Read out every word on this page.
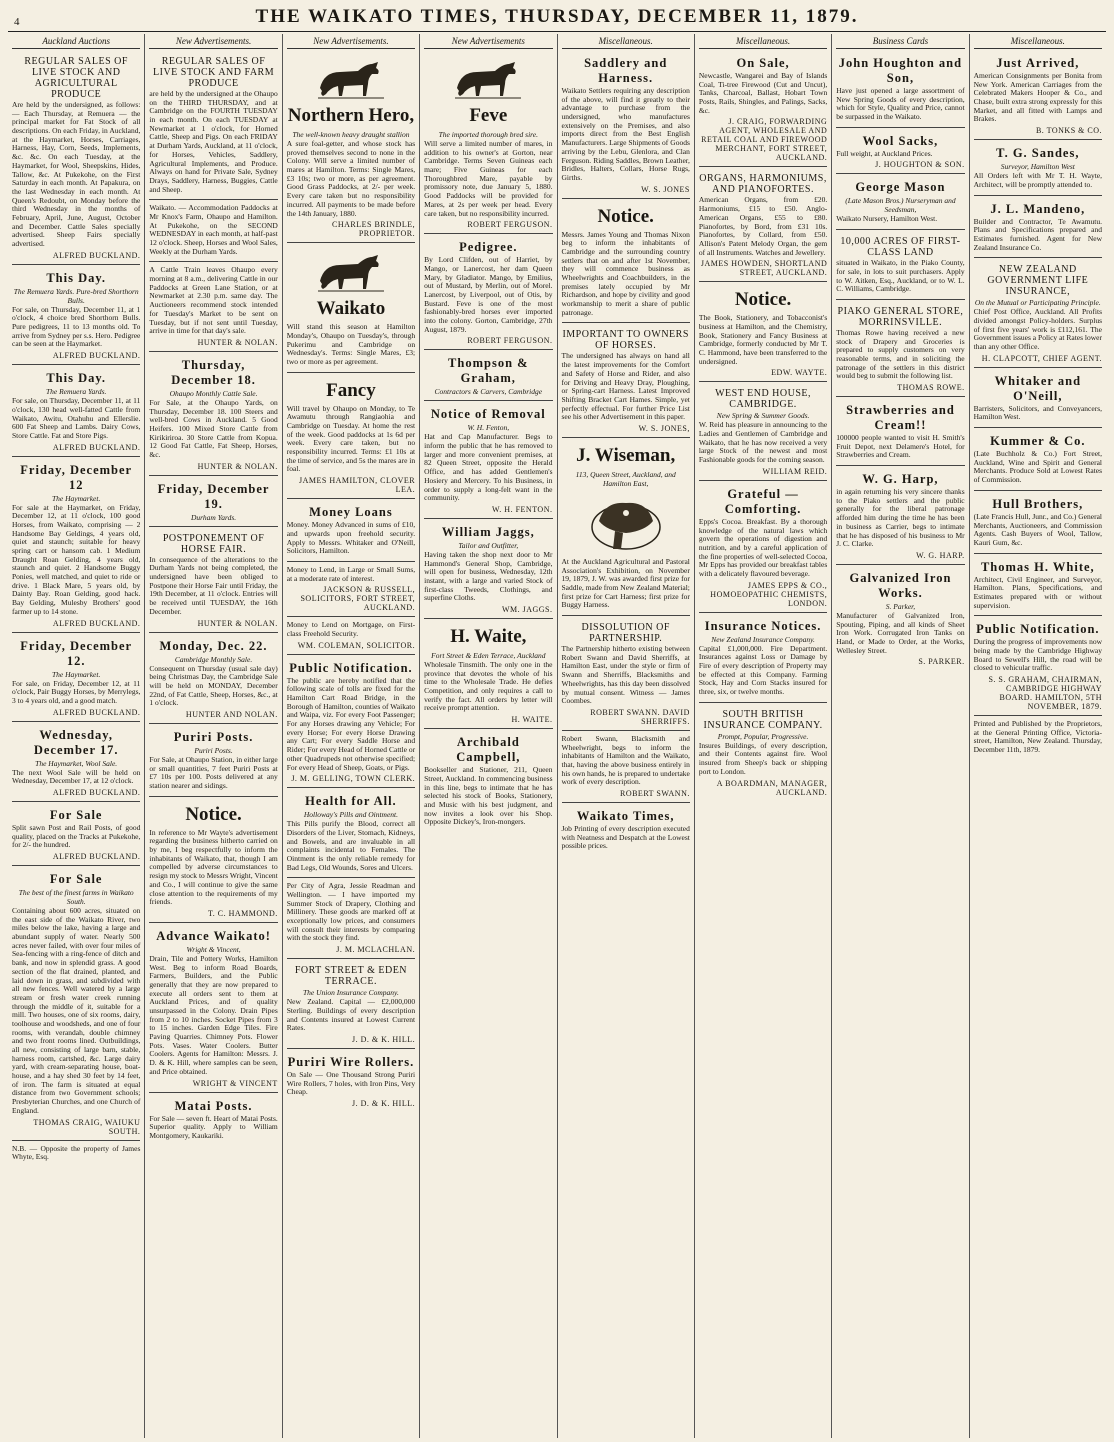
4	THE WAIKATO TIMES, THURSDAY, DECEMBER 11, 1879.
Auckland Auctions
REGULAR SALES OF LIVE STOCK AND AGRICULTURAL PRODUCE

Are held by the undersigned, as follows: — Each Thursday, at Remuera — the principal market for Fat Stock of all descriptions. On each Friday, in Auckland, at the Haymarket, Horses, Carriages, Harness, Hay, Corn, Seeds, Implements, &c. &c. On each Tuesday, at the Haymarket, for Wool, Sheepskins, Hides, Tallow, &c. At Pukekohe, on the First Saturday in each month. At Papakura, on the last Wednesday in each month. At Queen's Redoubt, on Monday before the third Wednesday in the months of February, April, June, August, October and December. Cattle Sales specially advertised. Sheep Fairs specially advertised.

ALFRED BUCKLAND.
This Day.
The Remuera Yards. Pure-bred Shorthorn Bulls.

For sale, on Thursday, December 11, at 1 o'clock, 4 choice bred Shorthorn Bulls. Pure pedigrees, 11 to 13 months old. To arrive from Sydney per s.s. Hero. Pedigree can be seen at the Haymarket.

ALFRED BUCKLAND.
This Day.
The Remuera Yards.

For sale, on Thursday, December 11, at 11 o'clock, 130 head well-fatted Cattle from Waikato, Awitu, Otahuhu and Ellerslie. 600 Fat Sheep and Lambs. Dairy Cows, Store Cattle. Fat and Store Pigs.

ALFRED BUCKLAND.
Friday, December 12
The Haymarket.

For sale at the Haymarket, on Friday, December 12, at 11 o'clock, 100 good Horses, from Waikato, comprising — 2 Handsome Bay Geldings, 4 years old, quiet and staunch; suitable for heavy spring cart or hansom cab. 1 Medium Draught Roan Gelding, 4 years old, staunch and quiet. 2 Handsome Buggy Ponies, well matched, and quiet to ride or drive. 1 Black Mare, 5 years old, by Dainty Bay. Roan Gelding, good hack. Bay Gelding, Mulesby Brothers' good farmer up to 14 stone.

ALFRED BUCKLAND.
Friday, December 12.
The Haymarket.

For sale, on Friday, December 12, at 11 o'clock, Pair Buggy Horses, by Merrylegs, 3 to 4 years old, and a good match.

ALFRED BUCKLAND.
Wednesday, December 17.
The Haymarket, Wool Sale.

The next Wool Sale will be held on Wednesday, December 17, at 12 o'clock.

ALFRED BUCKLAND.
For Sale

Split sawn Post and Rail Posts, of good quality, placed on the Tracks at Pukekohe, for 2/- the hundred.

ALFRED BUCKLAND.
For Sale
The best of the finest farms in Waikato South.

Containing about 600 acres, situated on the east side of the Waikato River, two miles below the lake, having a large and abundant supply of water. Nearly 500 acres never failed, with over four miles of Sea-fencing with a ring-fence of ditch and bank, and now in splendid grass. A good section of the flat drained, planted, and laid down in grass, and subdivided with all new fences. Well watered by a large stream or fresh water creek running through the middle of it, suitable for a mill. Two houses, one of six rooms, dairy, toolhouse and woodsheds, and one of four rooms, with verandah, double chimney and two front rooms lined. Outbuildings, all new, consisting of large barn, stable, harness room, cartshed, &c. Large dairy yard, with cream-separating house, boat-house, and a hay shed 30 feet by 14 feet, of iron. The farm is situated at equal distance from two Government schools; Presbyterian Churches, and one Church of England.

THOMAS CRAIG, WAIUKU SOUTH.

N.B. — Opposite the property of James Whyte, Esq.

New Advertisements.
REGULAR SALES OF LIVE STOCK AND FARM PRODUCE

are held by the undersigned at the Ohaupo on the THIRD THURSDAY, and at Cambridge on the FOURTH TUESDAY in each month. On each TUESDAY at Newmarket at 1 o'clock, for Horned Cattle, Sheep and Pigs. On each FRIDAY at Durham Yards, Auckland, at 11 o'clock, for Horses, Vehicles, Saddlery, Agricultural Implements, and Produce. Always on hand for Private Sale, Sydney Drays, Saddlery, Harness, Buggies, Cattle and Sheep.

Waikato. — Accommodation Paddocks at Mr Knox's Farm, Ohaupo and Hamilton. At Pukekohe, on the SECOND WEDNESDAY in each month, at half-past 12 o'clock. Sheep, Horses and Wool Sales, Weekly at the Durham Yards.

A Cattle Train leaves Ohaupo every morning at 8 a.m., delivering Cattle in our Paddocks at Green Lane Station, or at Newmarket at 2.30 p.m. same day. The Auctioneers recommend stock intended for Tuesday's Market to be sent on Tuesday, but if not sent until Tuesday, arrive in time for that day's sale.

HUNTER & NOLAN.
Thursday, December 18.
Ohaupo Monthly Cattle Sale.

For Sale, at the Ohaupo Yards, on Thursday, December 18. 100 Steers and well-bred Cows in Auckland. 5 Good Heifers. 100 Mixed Store Cattle from Kirikiriroa. 30 Store Cattle from Kopua. 12 Good Fat Cattle, Fat Sheep, Horses, &c.

HUNTER & NOLAN.
Friday, December 19.
Durham Yards.
POSTPONEMENT OF HORSE FAIR.

In consequence of the alterations to the Durham Yards not being completed, the undersigned have been obliged to Postpone their Horse Fair until Friday, the 19th December, at 11 o'clock. Entries will be received until TUESDAY, the 16th December.

HUNTER & NOLAN.
Monday, Dec. 22.
Cambridge Monthly Sale.

Consequent on Thursday (usual sale day) being Christmas Day, the Cambridge Sale will be held on MONDAY, December 22nd, of Fat Cattle, Sheep, Horses, &c., at 1 o'clock.

HUNTER AND NOLAN.
Puriri Posts.
Puriri Posts.

For Sale, at Ohaupo Station, in either large or small quantities, 7 feet Puriri Posts at £7 10s per 100. Posts delivered at any station nearer and sidings.

Notice.

In reference to Mr Wayte's advertisement regarding the business hitherto carried on by me, I beg respectfully to inform the inhabitants of Waikato, that, though I am compelled by adverse circumstances to resign my stock to Messrs Wright, Vincent and Co., I will continue to give the same close attention to the requirements of my friends.

T. C. HAMMOND.
Advance Waikato!
Wright & Vincent,

Drain, Tile and Pottery Works, Hamilton West. Beg to inform Road Boards, Farmers, Builders, and the Public generally that they are now prepared to execute all orders sent to them at Auckland Prices, and of quality unsurpassed in the Colony. Drain Pipes from 2 to 10 inches. Socket Pipes from 3 to 15 inches. Garden Edge Tiles. Fire Paving Quarries. Chimney Pots. Flower Pots. Vases. Water Coolers. Butter Coolers. Agents for Hamilton: Messrs. J. D. & K. Hill, where samples can be seen, and Price obtained.

WRIGHT & VINCENT
Matai Posts.

For Sale — seven ft. Heart of Matai Posts. Superior quality. Apply to William Montgomery, Kaukariki.

New Advertisements.
Northern Hero,
The well-known heavy draught stallion

A sure foal-getter, and whose stock has proved themselves second to none in the Colony. Will serve a limited number of mares at Hamilton. Terms: Single Mares, £3 10s; two or more, as per agreement. Good Grass Paddocks, at 2/- per week. Every care taken but no responsibility incurred. All payments to be made before the 14th January, 1880.

CHARLES BRINDLE, PROPRIETOR.
Waikato

Will stand this season at Hamilton Monday's, Ohaupo on Tuesday's, through Pukerimu and Cambridge on Wednesday's. Terms: Single Mares, £3; two or more as per agreement.

Fancy

Will travel by Ohaupo on Monday, to Te Awamutu through Rangiaohia and Cambridge on Tuesday. At home the rest of the week. Good paddocks at 1s 6d per week. Every care taken, but no responsibility incurred. Terms: £1 10s at the time of service, and 5s the mares are in foal.

JAMES HAMILTON, CLOVER LEA.
Money Loans

Money. Money Advanced in sums of £10, and upwards upon freehold security. Apply to Messrs. Whitaker and O'Neill, Solicitors, Hamilton.

Money to Lend, in Large or Small Sums, at a moderate rate of interest.

JACKSON & RUSSELL, SOLICITORS, FORT STREET, AUCKLAND.

Money to Lend on Mortgage, on First-class Freehold Security.

WM. COLEMAN, SOLICITOR.
Public Notification.

The public are hereby notified that the following scale of tolls are fixed for the Hamilton Cart Road Bridge, in the Borough of Hamilton, counties of Waikato and Waipa, viz. For every Foot Passenger; For any Horses drawing any Vehicle; For every Horse; For every Horse Drawing any Cart; For every Saddle Horse and Rider; For every Head of Horned Cattle or other Quadrupeds not otherwise specified; For every Head of Sheep, Goats, or Pigs.

J. M. GELLING, TOWN CLERK.
Health for All.
Holloway's Pills and Ointment.

This Pills purify the Blood, correct all Disorders of the Liver, Stomach, Kidneys, and Bowels, and are invaluable in all complaints incidental to Females. The Ointment is the only reliable remedy for Bad Legs, Old Wounds, Sores and Ulcers.

Per City of Agra, Jessie Readman and Wellington. — I have imported my Summer Stock of Drapery, Clothing and Millinery. These goods are marked off at exceptionally low prices, and consumers will consult their interests by comparing with the stock they find.

J. M. MCLACHLAN.
FORT STREET & EDEN TERRACE.
The Union Insurance Company.

New Zealand. Capital — £2,000,000 Sterling. Buildings of every description and Contents insured at Lowest Current Rates.

J. D. & K. HILL.
Puriri Wire Rollers.

On Sale — One Thousand Strong Puriri Wire Rollers, 7 holes, with Iron Pins, Very Cheap.

J. D. & K. HILL.
New Advertisements
Feve
The imported thorough bred sire.

Will serve a limited number of mares, in addition to his owner's at Gorton, near Cambridge. Terms Seven Guineas each mare; Five Guineas for each Thoroughbred Mare, payable by promissory note, due January 5, 1880. Good Paddocks will be provided for Mares, at 2s per week per head. Every care taken, but no responsibility incurred.

ROBERT FERGUSON.
Pedigree.

By Lord Clifden, out of Harriet, by Mango, or Lanercost, her dam Queen Mary, by Gladiator. Mango, by Emilius, out of Mustard, by Merlin, out of Morel. Lanercost, by Liverpool, out of Otis, by Bustard. Feve is one of the most fashionably-bred horses ever imported into the colony. Gorton, Cambridge, 27th August, 1879.

ROBERT FERGUSON.
Thompson & Graham,
Contractors & Carvers, Cambridge
Notice of Removal
W. H. Fenton,

Hat and Cap Manufacturer. Begs to inform the public that he has removed to larger and more convenient premises, at 82 Queen Street, opposite the Herald Office, and has added Gentlemen's Hosiery and Mercery. To his Business, in order to supply a long-felt want in the community.

W. H. FENTON.
William Jaggs,
Tailor and Outfitter,

Having taken the shop next door to Mr Hammond's General Shop, Cambridge, will open for business, Wednesday, 12th instant, with a large and varied Stock of first-class Tweeds, Clothings, and superfine Cloths.

WM. JAGGS.
H. Waite,
Fort Street & Eden Terrace, Auckland

Wholesale Tinsmith. The only one in the province that devotes the whole of his time to the Wholesale Trade. He defies Competition, and only requires a call to verify the fact. All orders by letter will receive prompt attention.

H. WAITE.
Archibald Campbell,

Bookseller and Stationer, 211, Queen Street, Auckland. In commencing business in this line, begs to intimate that he has selected his stock of Books, Stationery, and Music with his best judgment, and now invites a look over his Shop. Opposite Dickey's, Iron-mongers.

Miscellaneous.
Saddlery and Harness.

Waikato Settlers requiring any description of the above, will find it greatly to their advantage to purchase from the undersigned, who manufactures extensively on the Premises, and also imports direct from the Best English Manufacturers. Large Shipments of Goods arriving by the Lebu, Glenlora, and Clan Ferguson. Riding Saddles, Brown Leather, Bridles, Halters, Collars, Horse Rugs, Girths.

W. S. JONES
Notice.

Messrs. James Young and Thomas Nixon beg to inform the inhabitants of Cambridge and the surrounding country settlers that on and after 1st November, they will commence business as Wheelwrights and Coachbuilders, in the premises lately occupied by Mr Richardson, and hope by civility and good workmanship to merit a share of public patronage.

IMPORTANT TO OWNERS OF HORSES.

The undersigned has always on hand all the latest improvements for the Comfort and Safety of Horse and Rider, and also for Driving and Heavy Dray, Ploughing, or Spring-cart Harness. Latest Improved Shifting Bracket Cart Hames. Simple, yet perfectly effectual. For further Price List see his other Advertisement in this paper.

W. S. JONES,
J. Wiseman,
113, Queen Street, Auckland, and Hamilton East,

At the Auckland Agricultural and Pastoral Association's Exhibition, on November 19, 1879, J. W. was awarded first prize for Saddle, made from New Zealand Material; first prize for Cart Harness; first prize for Buggy Harness.

DISSOLUTION OF PARTNERSHIP.

The Partnership hitherto existing between Robert Swann and David Sherriffs, at Hamilton East, under the style or firm of Swann and Sherriffs, Blacksmiths and Wheelwrights, has this day been dissolved by mutual consent. Witness — James Coombes.

ROBERT SWANN. DAVID SHERRIFFS.

Robert Swann, Blacksmith and Wheelwright, begs to inform the inhabitants of Hamilton and the Waikato, that, having the above business entirely in his own hands, he is prepared to undertake work of every description.

ROBERT SWANN.
Waikato Times,

Job Printing of every description executed with Neatness and Despatch at the Lowest possible prices.

Miscellaneous.
On Sale,

Newcastle, Wangarei and Bay of Islands Coal, Ti-tree Firewood (Cut and Uncut), Tanks, Charcoal, Ballast, Hobart Town Posts, Rails, Shingles, and Palings, Sacks, &c.

J. CRAIG, FORWARDING AGENT, WHOLESALE AND RETAIL COAL AND FIREWOOD MERCHANT, FORT STREET, AUCKLAND.
ORGANS, HARMONIUMS, AND PIANOFORTES.

American Organs, from £20. Harmoniums, £15 to £50. Anglo-American Organs, £55 to £80. Pianofortes, by Bord, from £31 10s. Pianofortes, by Collard, from £50. Allison's Patent Melody Organ, the gem of all Instruments. Watches and Jewellery.

JAMES HOWDEN, SHORTLAND STREET, AUCKLAND.
Notice.

The Book, Stationery, and Tobacconist's business at Hamilton, and the Chemistry, Book, Stationery and Fancy Business at Cambridge, formerly conducted by Mr T. C. Hammond, have been transferred to the undersigned.

EDW. WAYTE.
WEST END HOUSE, CAMBRIDGE.
New Spring & Summer Goods.

W. Reid has pleasure in announcing to the Ladies and Gentlemen of Cambridge and Waikato, that he has now received a very large Stock of the newest and most Fashionable goods for the coming season.

WILLIAM REID.
Grateful — Comforting.

Epps's Cocoa. Breakfast. By a thorough knowledge of the natural laws which govern the operations of digestion and nutrition, and by a careful application of the fine properties of well-selected Cocoa, Mr Epps has provided our breakfast tables with a delicately flavoured beverage.

JAMES EPPS & CO., HOMOEOPATHIC CHEMISTS, LONDON.
Insurance Notices.
New Zealand Insurance Company.

Capital £1,000,000. Fire Department. Insurances against Loss or Damage by Fire of every description of Property may be effected at this Company. Farming Stock, Hay and Corn Stacks insured for three, six, or twelve months.

SOUTH BRITISH INSURANCE COMPANY.
Prompt, Popular, Progressive.

Insures Buildings, of every description, and their Contents against fire. Wool insured from Sheep's back or shipping port to London.

A BOARDMAN, MANAGER, AUCKLAND.
Business Cards
John Houghton and Son,

Have just opened a large assortment of New Spring Goods of every description, which for Style, Quality and Price, cannot be surpassed in the Waikato.

Wool Sacks,

Full weight, at Auckland Prices.

J. HOUGHTON & SON.
George Mason
(Late Mason Bros.) Nurseryman and Seedsman,

Waikato Nursery, Hamilton West.

10,000 ACRES OF FIRST-CLASS LAND

situated in Waikato, in the Piako County, for sale, in lots to suit purchasers. Apply to W. Aitken, Esq., Auckland, or to W. L. C. Williams, Cambridge.

PIAKO GENERAL STORE, MORRINSVILLE.

Thomas Rowe having received a new stock of Drapery and Groceries is prepared to supply customers on very reasonable terms, and in soliciting the patronage of the settlers in this district would beg to submit the following list.

THOMAS ROWE.
Strawberries and Cream!!

100000 people wanted to visit H. Smith's Fruit Depot, next Delamere's Hotel, for Strawberries and Cream.

W. G. Harp,

in again returning his very sincere thanks to the Piako settlers and the public generally for the liberal patronage afforded him during the time he has been in business as Carrier, begs to intimate that he has disposed of his business to Mr J. C. Clarke.

W. G. HARP.
Galvanized Iron Works.
S. Parker,

Manufacturer of Galvanized Iron, Spouting, Piping, and all kinds of Sheet Iron Work. Corrugated Iron Tanks on Hand, or Made to Order, at the Works, Wellesley Street.

S. PARKER.
Miscellaneous.
Just Arrived,

American Consignments per Bonita from New York. American Carriages from the Celebrated Makers Hooper & Co., and Chase, built extra strong expressly for this Market, and all fitted with Lamps and Brakes.

B. TONKS & CO.
T. G. Sandes,
Surveyor, Hamilton West

All Orders left with Mr T. H. Wayte, Architect, will be promptly attended to.

J. L. Mandeno,

Builder and Contractor, Te Awamutu. Plans and Specifications prepared and Estimates furnished. Agent for New Zealand Insurance Co.

NEW ZEALAND GOVERNMENT LIFE INSURANCE,
On the Mutual or Participating Principle.

Chief Post Office, Auckland. All Profits divided amongst Policy-holders. Surplus of first five years' work is £112,161. The Government issues a Policy at Rates lower than any other Office.

H. CLAPCOTT, CHIEF AGENT.
Whitaker and O'Neill,

Barristers, Solicitors, and Conveyancers, Hamilton West.

Kummer & Co.

(Late Buchholz & Co.) Fort Street, Auckland, Wine and Spirit and General Merchants. Produce Sold at Lowest Rates of Commission.

Hull Brothers,

(Late Francis Hull, Junr., and Co.) General Merchants, Auctioneers, and Commission Agents. Cash Buyers of Wool, Tallow, Kauri Gum, &c.

Thomas H. White,

Architect, Civil Engineer, and Surveyor, Hamilton. Plans, Specifications, and Estimates prepared with or without supervision.

Public Notification.

During the progress of improvements now being made by the Cambridge Highway Board to Sewell's Hill, the road will be closed to vehicular traffic.

S. S. GRAHAM, CHAIRMAN, CAMBRIDGE HIGHWAY BOARD. HAMILTON, 5TH NOVEMBER, 1879.

Printed and Published by the Proprietors, at the General Printing Office, Victoria-street, Hamilton, New Zealand. Thursday, December 11th, 1879.
